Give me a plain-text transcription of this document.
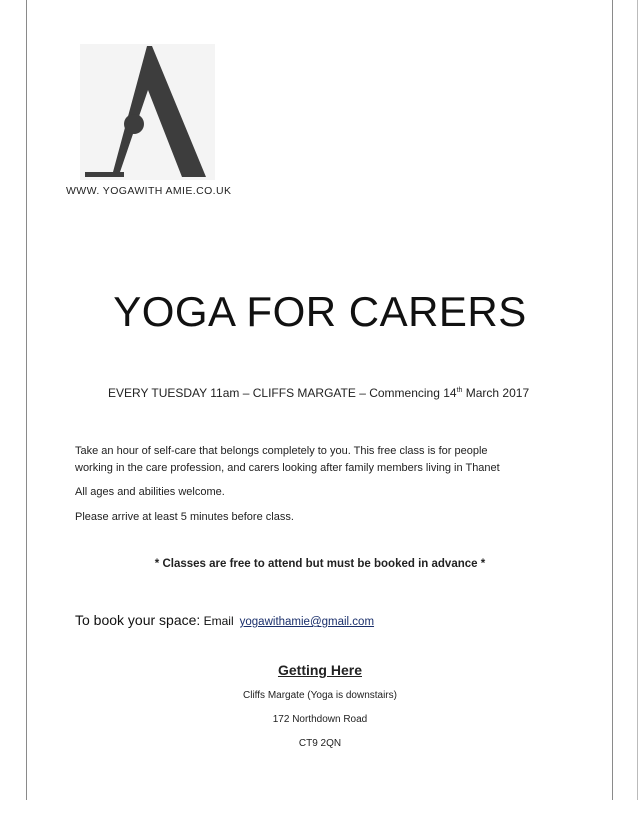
WWW. YOGAWITH AMIE.CO.UK
YOGA FOR CARERS
EVERY TUESDAY 11am – CLIFFS MARGATE – Commencing 14th March 2017
Take an hour of self-care that belongs completely to you. This free class is for people
working in the care profession, and carers looking after family members living in Thanet
All ages and abilities welcome.
Please arrive at least 5 minutes before class.
* Classes are free to attend but must be booked in advance *
To book your space: Email yogawithamie@gmail.com
Getting Here
Cliffs Margate (Yoga is downstairs)
172 Northdown Road
CT9 2QN
